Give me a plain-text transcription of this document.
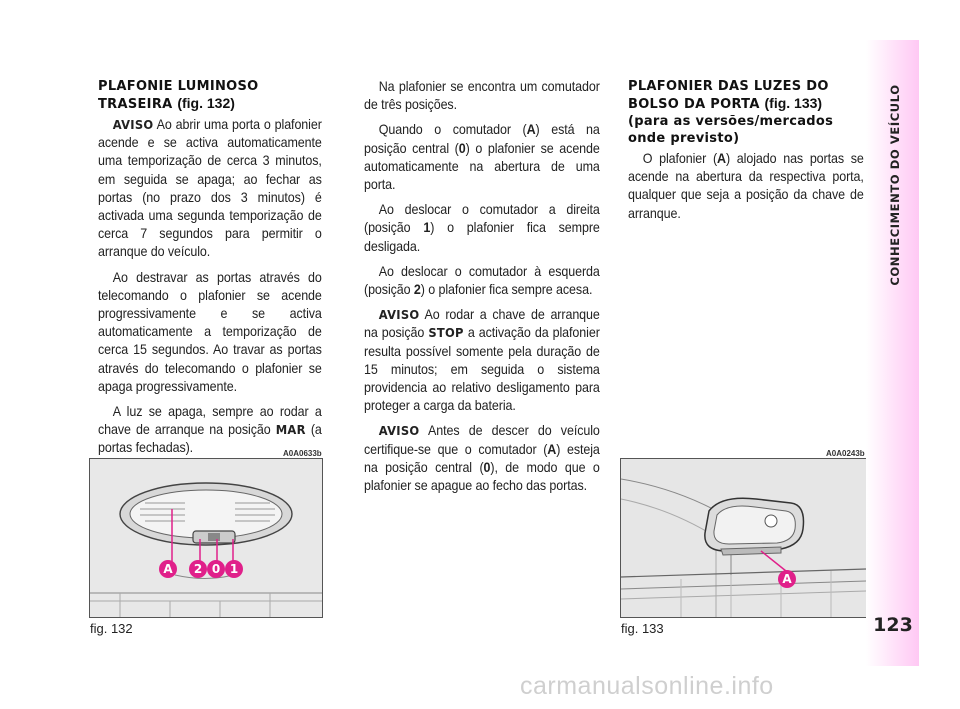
PLAFONIE LUMINOSO
TRASEIRA (fig. 132)

AVISO Ao abrir uma porta o plafonier acende e se activa automaticamente uma temporização de cerca 3 minutos, em seguida se apaga; ao fechar as portas (no prazo dos 3 minutos) é activada uma segunda temporização de cerca 7 segundos para permitir o arranque do veículo.

Ao destravar as portas através do telecomando o plafonier se acende progressivamente e se activa automaticamente a temporização de cerca 15 segundos. Ao travar as portas através do telecomando o plafonier se apaga progressivamente.

A luz se apaga, sempre ao rodar a chave de arranque na posição MAR (a portas fechadas).

Na plafonier se encontra um comutador de três posições.

Quando o comutador (A) está na posição central (0) o plafonier se acende automaticamente na abertura de uma porta.

Ao deslocar o comutador a direita (posição 1) o plafonier fica sempre desligada.

Ao deslocar o comutador à esquerda (posição 2) o plafonier fica sempre acesa.

AVISO Ao rodar a chave de arranque na posição STOP a activação da plafonier resulta possível somente pela duração de 15 minutos; em seguida o sistema providencia ao relativo desligamento para proteger a carga da bateria.

AVISO Antes de descer do veículo certifique-se que o comutador (A) esteja na posição central (0), de modo que o plafonier se apague ao fecho das portas.

PLAFONIER DAS LUZES DO
BOLSO DA PORTA (fig. 133)
(para as versões/mercados onde previsto)

O plafonier (A) alojado nas portas se acende na abertura da respectiva porta, qualquer que seja a posição da chave de arranque.

A0A0633b
A 2 0 1
fig. 132
A0A0243b
A
fig. 133
CONHECIMENTO DO VEÍCULO
123
carmanualsonline.info
